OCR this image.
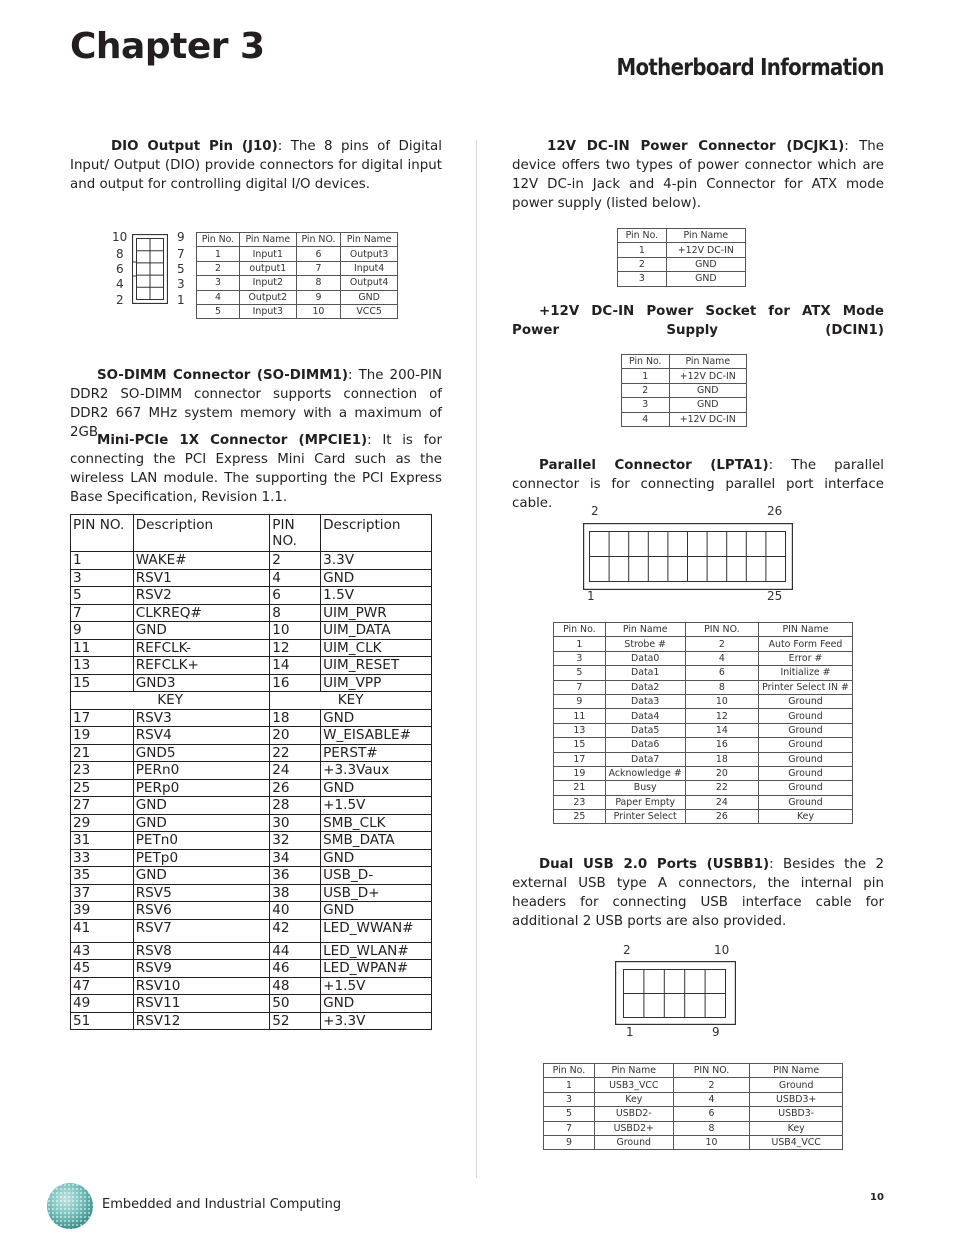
Chapter 3
Motherboard Information

DIO Output Pin (J10): The 8 pins of Digital Input/ Output (DIO) provide connectors for digital input and output for controlling digital I/O devices.

10
8
6
4
2
9
7
5
3
1
Pin No.	Pin Name	Pin NO.	Pin Name
1	Input1	6	Output3
2	output1	7	Input4
3	Input2	8	Output4
4	Output2	9	GND
5	Input3	10	VCC5

SO-DIMM Connector (SO-DIMM1): The 200-PIN DDR2 SO-DIMM connector supports connection of DDR2 667 MHz system memory with a maximum of 2GB.

Mini-PCIe 1X Connector (MPCIE1): It is for connecting the PCI Express Mini Card such as the wireless LAN module. The supporting the PCI Express Base Specification, Revision 1.1.

PIN NO.	Description	PIN NO.	Description
1	WAKE#	2	3.3V
3	RSV1	4	GND
5	RSV2	6	1.5V
7	CLKREQ#	8	UIM_PWR
9	GND	10	UIM_DATA
11	REFCLK-	12	UIM_CLK
13	REFCLK+	14	UIM_RESET
15	GND3	16	UIM_VPP
KEY		KEY	
17	RSV3	18	GND
19	RSV4	20	W_EISABLE#
21	GND5	22	PERST#
23	PERn0	24	+3.3Vaux
25	PERp0	26	GND
27	GND	28	+1.5V
29	GND	30	SMB_CLK
31	PETn0	32	SMB_DATA
33	PETp0	34	GND
35	GND	36	USB_D-
37	RSV5	38	USB_D+
39	RSV6	40	GND
41	RSV7	42	LED_WWAN#
43	RSV8	44	LED_WLAN#
45	RSV9	46	LED_WPAN#
47	RSV10	48	+1.5V
49	RSV11	50	GND
51	RSV12	52	+3.3V

12V DC-IN Power Connector (DCJK1): The device offers two types of power connector which are 12V DC-in Jack and 4-pin Connector for ATX mode power supply (listed below).

Pin No.	Pin Name
1	+12V DC-IN
2	GND
3	GND

+12V DC-IN Power Socket for ATX Mode Power Supply (DCIN1)

Pin No.	Pin Name
1	+12V DC-IN
2	GND
3	GND
4	+12V DC-IN

Parallel Connector (LPTA1): The parallel connector is for connecting parallel port interface cable.	2	26
1	25
Pin No.	Pin Name	PIN NO.	PIN Name
1	Strobe #	2	Auto Form Feed
3	Data0	4	Error #
5	Data1	6	Initialize #
7	Data2	8	Printer Select IN #
9	Data3	10	Ground
11	Data4	12	Ground
13	Data5	14	Ground
15	Data6	16	Ground
17	Data7	18	Ground
19	Acknowledge #	20	Ground
21	Busy	22	Ground
23	Paper Empty	24	Ground
25	Printer Select	26	Key

Dual USB 2.0 Ports (USBB1): Besides the 2 external USB type A connectors, the internal pin headers for connecting USB interface cable for additional 2 USB ports are also provided.

2	10
1	9
Pin No.	Pin Name	PIN NO.	PIN Name
1	USB3_VCC	2	Ground
3	Key	4	USBD3+
5	USBD2-	6	USBD3-
7	USBD2+	8	Key
9	Ground	10	USB4_VCC
Embedded and Industrial Computing	10
